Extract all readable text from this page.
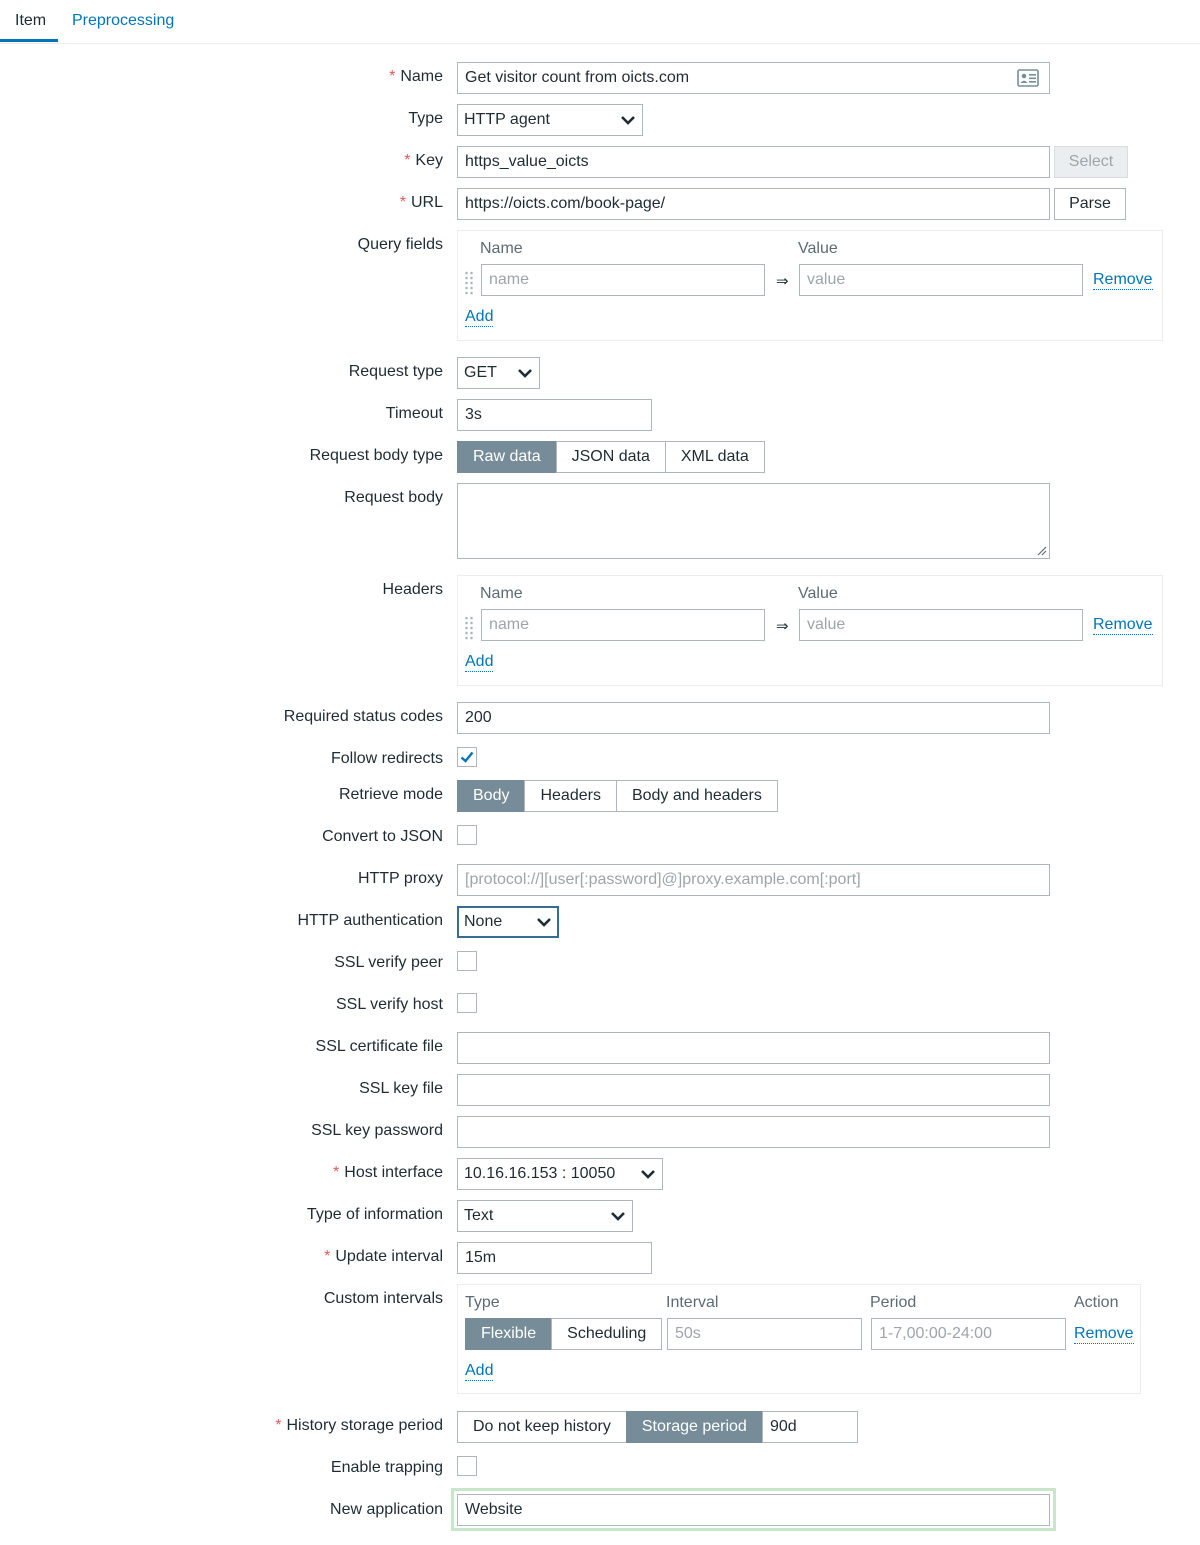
Item Preprocessing
* Name	Get visitor count from oicts.com
Type	HTTP agent
* Key	https_value_oicts	Select
* URL	https://oicts.com/book-page/	Parse
Query fields Name	Value
name	⇒	value	Remove
Add
Request type	GET
Timeout	3s
Request body type	Raw data	JSON data	XML data
Request body
Headers Name	Value
name	⇒	value	Remove
Add
Required status codes	200
Follow redirects
Retrieve mode	Body	Headers	Body and headers
Convert to JSON
HTTP proxy	[protocol://][user[:password]@]proxy.example.com[:port]
HTTP authentication	None
SSL verify peer
SSL verify host
SSL certificate file
SSL key file
SSL key password
* Host interface	10.16.16.153 : 10050
Type of information	Text
* Update interval	15m
Custom intervals Type	Interval	Period	Action
Flexible	Scheduling	50s	1-7,00:00-24:00	Remove
Add
* History storage period	Do not keep history	Storage period	90d
Enable trapping
New application	Website
